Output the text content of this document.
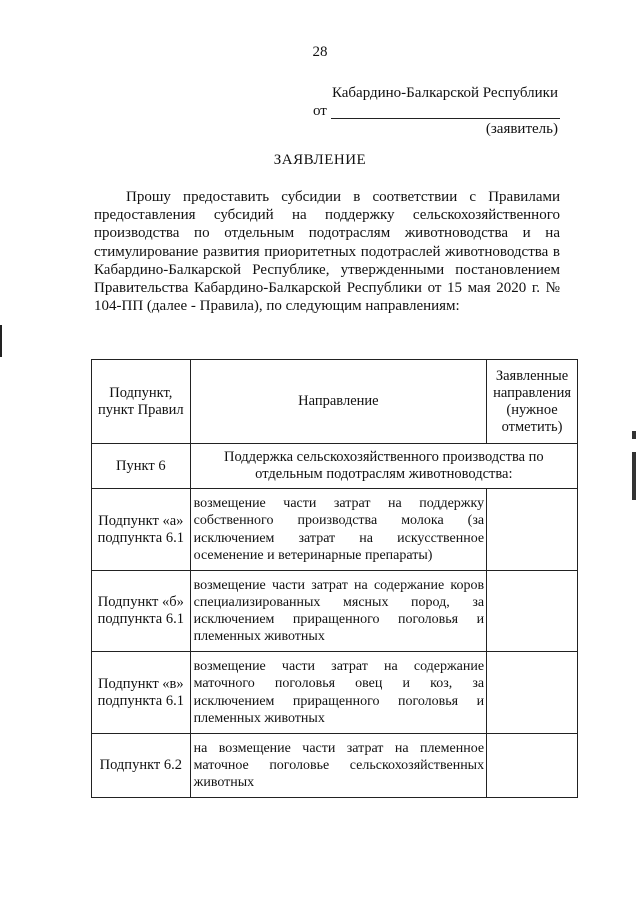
28
Кабардино-Балкарской Республики
от
(заявитель)
ЗАЯВЛЕНИЕ
Прошу предоставить субсидии в соответствии с Правилами предоставления субсидий на поддержку сельскохозяйственного производства по отдельным подотраслям животноводства и на стимулирование развития приоритетных подотраслей животноводства в Кабардино-Балкарской Республике, утвержденными постановлением Правительства Кабардино-Балкарской Республики от 15 мая 2020 г. № 104-ПП (далее - Правила), по следующим направлениям:
Подпункт, пункт Правил	Направление	Заявленные направления (нужное отметить)
Пункт 6	Поддержка сельскохозяйственного производства по отдельным подотраслям животноводства:	
Подпункт «а» подпункта 6.1	возмещение части затрат на поддержку собственного производства молока (за исключением затрат на искусственное осеменение и ветеринарные препараты)	
Подпункт «б» подпункта 6.1	возмещение части затрат на содержание коров специализированных мясных пород, за исключением приращенного поголовья и племенных животных	
Подпункт «в» подпункта 6.1	возмещение части затрат на содержание маточного поголовья овец и коз, за исключением приращенного поголовья и племенных животных	
Подпункт 6.2	на возмещение части затрат на племенное маточное поголовье сельскохозяйственных животных	
